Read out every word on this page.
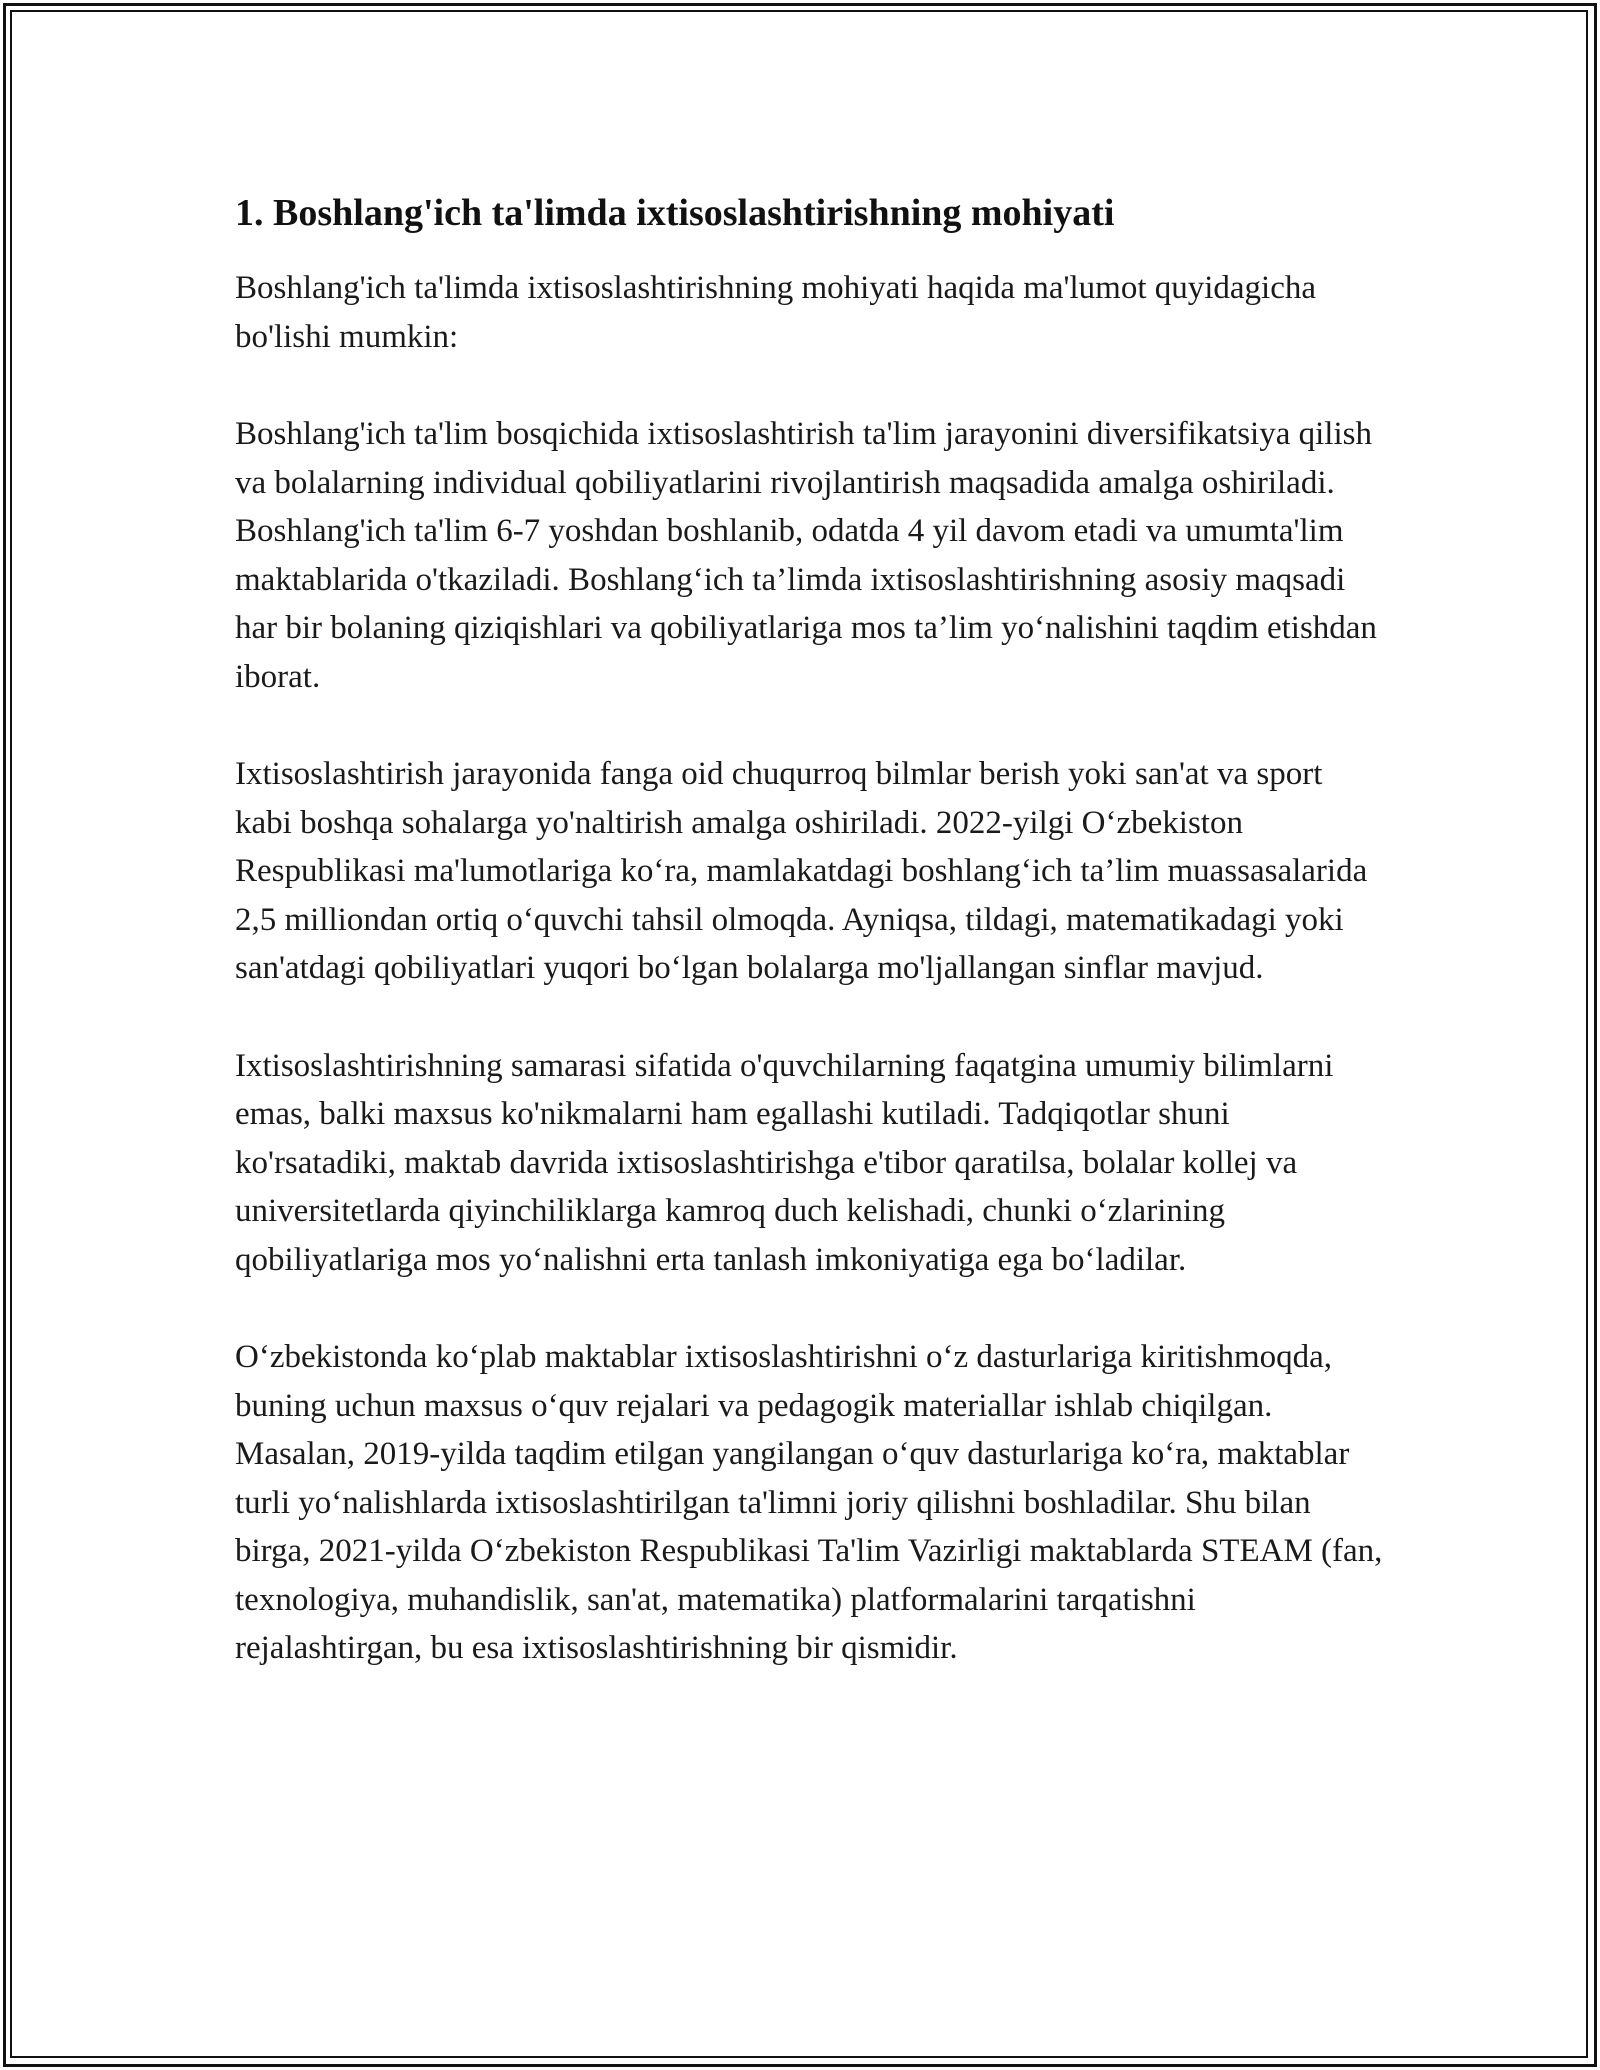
1. Boshlang'ich ta'limda ixtisoslashtirishning mohiyati

Boshlang'ich ta'limda ixtisoslashtirishning mohiyati haqida ma'lumot quyidagicha bo'lishi mumkin:

Boshlang'ich ta'lim bosqichida ixtisoslashtirish ta'lim jarayonini diversifikatsiya qilish va bolalarning individual qobiliyatlarini rivojlantirish maqsadida amalga oshiriladi. Boshlang'ich ta'lim 6-7 yoshdan boshlanib, odatda 4 yil davom etadi va umumta'lim maktablarida o'tkaziladi. Boshlang‘ich ta’limda ixtisoslashtirishning asosiy maqsadi har bir bolaning qiziqishlari va qobiliyatlariga mos ta’lim yo‘nalishini taqdim etishdan iborat.

Ixtisoslashtirish jarayonida fanga oid chuqurroq bilmlar berish yoki san'at va sport kabi boshqa sohalarga yo'naltirish amalga oshiriladi. 2022-yilgi O‘zbekiston Respublikasi ma'lumotlariga ko‘ra, mamlakatdagi boshlang‘ich ta’lim muassasalarida 2,5 milliondan ortiq o‘quvchi tahsil olmoqda. Ayniqsa, tildagi, matematikadagi yoki san'atdagi qobiliyatlari yuqori bo‘lgan bolalarga mo'ljallangan sinflar mavjud.

Ixtisoslashtirishning samarasi sifatida o'quvchilarning faqatgina umumiy bilimlarni emas, balki maxsus ko'nikmalarni ham egallashi kutiladi. Tadqiqotlar shuni ko'rsatadiki, maktab davrida ixtisoslashtirishga e'tibor qaratilsa, bolalar kollej va universitetlarda qiyinchiliklarga kamroq duch kelishadi, chunki o‘zlarining qobiliyatlariga mos yo‘nalishni erta tanlash imkoniyatiga ega bo‘ladilar.

O‘zbekistonda ko‘plab maktablar ixtisoslashtirishni o‘z dasturlariga kiritishmoqda, buning uchun maxsus o‘quv rejalari va pedagogik materiallar ishlab chiqilgan. Masalan, 2019-yilda taqdim etilgan yangilangan o‘quv dasturlariga ko‘ra, maktablar turli yo‘nalishlarda ixtisoslashtirilgan ta'limni joriy qilishni boshladilar. Shu bilan birga, 2021-yilda O‘zbekiston Respublikasi Ta'lim Vazirligi maktablarda STEAM (fan, texnologiya, muhandislik, san'at, matematika) platformalarini tarqatishni rejalashtirgan, bu esa ixtisoslashtirishning bir qismidir.
